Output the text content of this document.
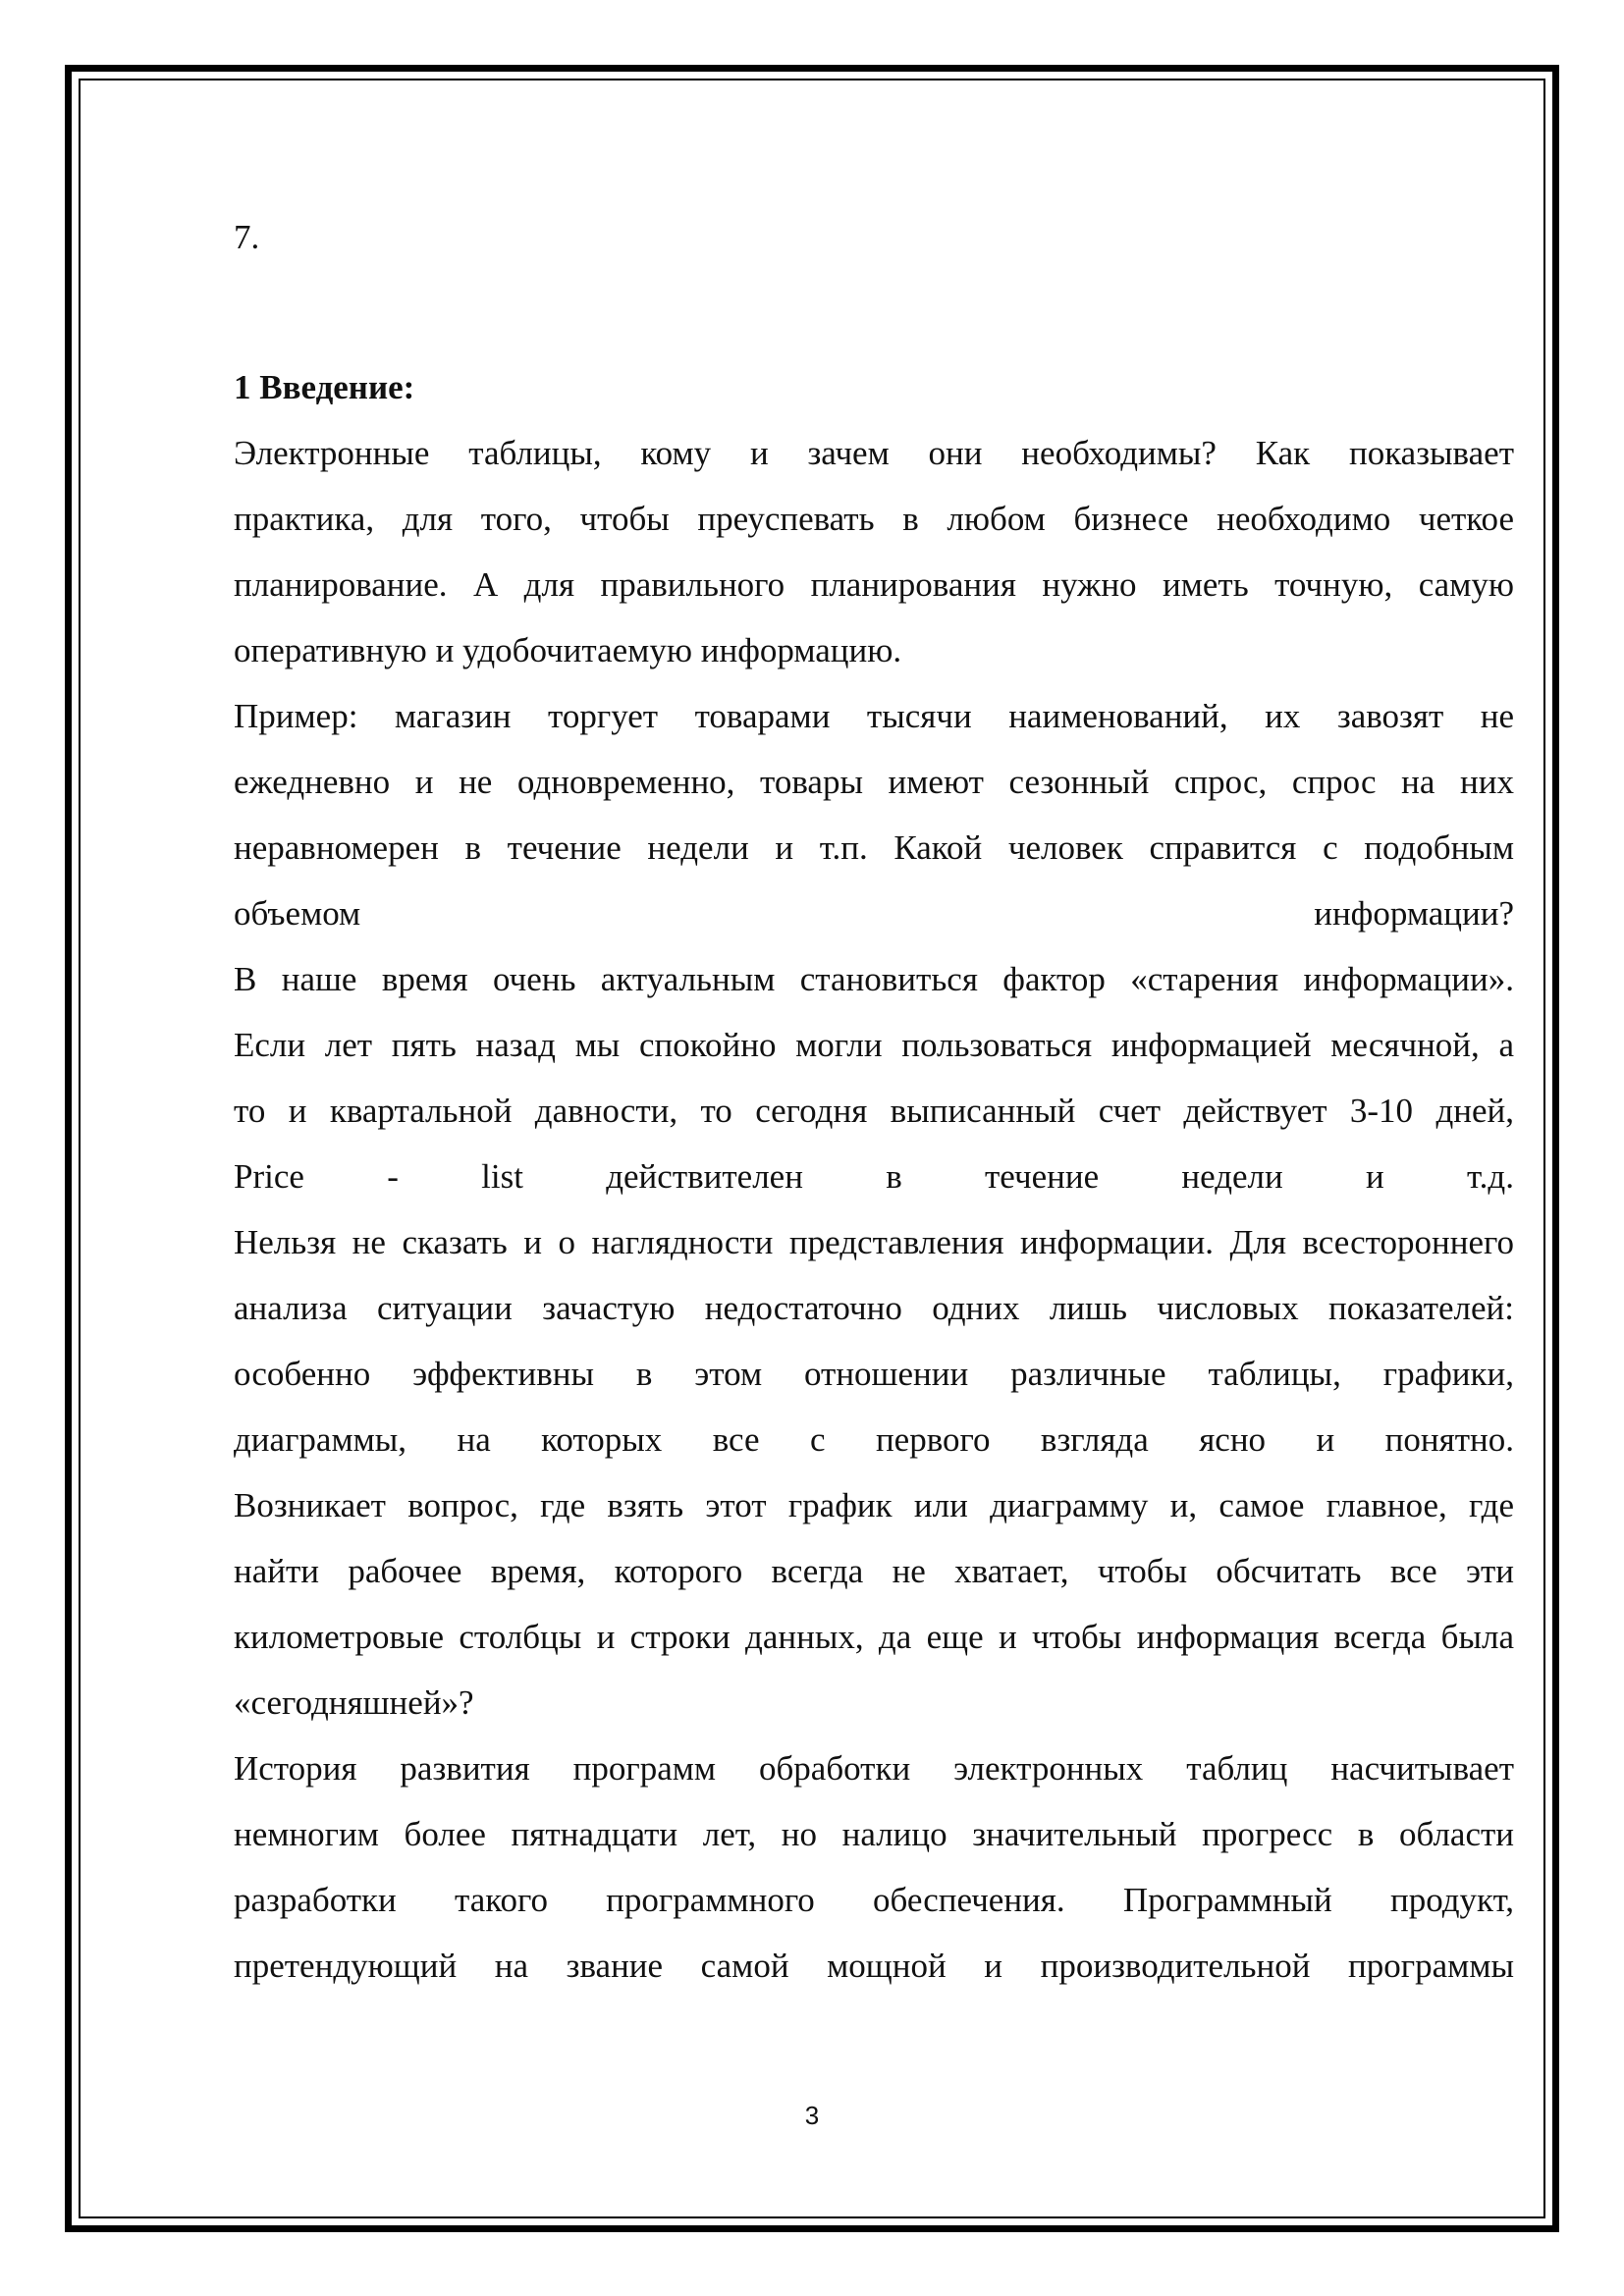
7.
1 Введение:

Электронные таблицы, кому и зачем они необходимы? Как показывает
практика, для того, чтобы преуспевать в любом бизнесе необходимо четкое
планирование. А для правильного планирования нужно иметь точную, самую
оперативную и удобочитаемую информацию.

Пример: магазин торгует товарами тысячи наименований, их завозят не
ежедневно и не одновременно, товары имеют сезонный спрос, спрос на них
неравномерен в течение недели и т.п. Какой человек справится с подобным
объемом информации?
В наше время очень актуальным становиться фактор «старения информации».
Если лет пять назад мы спокойно могли пользоваться информацией месячной, а
то и квартальной давности, то сегодня выписанный счет действует 3-10 дней,
Price - list действителен в течение недели и т.д.
Нельзя не сказать и о наглядности представления информации. Для всестороннего
анализа ситуации зачастую недостаточно одних лишь числовых показателей:
особенно эффективны в этом отношении различные таблицы, графики,
диаграммы, на которых все с первого взгляда ясно и понятно.
Возникает вопрос, где взять этот график или диаграмму и, самое главное, где
найти рабочее время, которого всегда не хватает, чтобы обсчитать все эти
километровые столбцы и строки данных, да еще и чтобы информация всегда была
«сегодняшней»?

История развития программ обработки электронных таблиц насчитывает
немногим более пятнадцати лет, но налицо значительный прогресс в области
разработки такого программного обеспечения. Программный продукт,
претендующий на звание самой мощной и производительной программы

3
